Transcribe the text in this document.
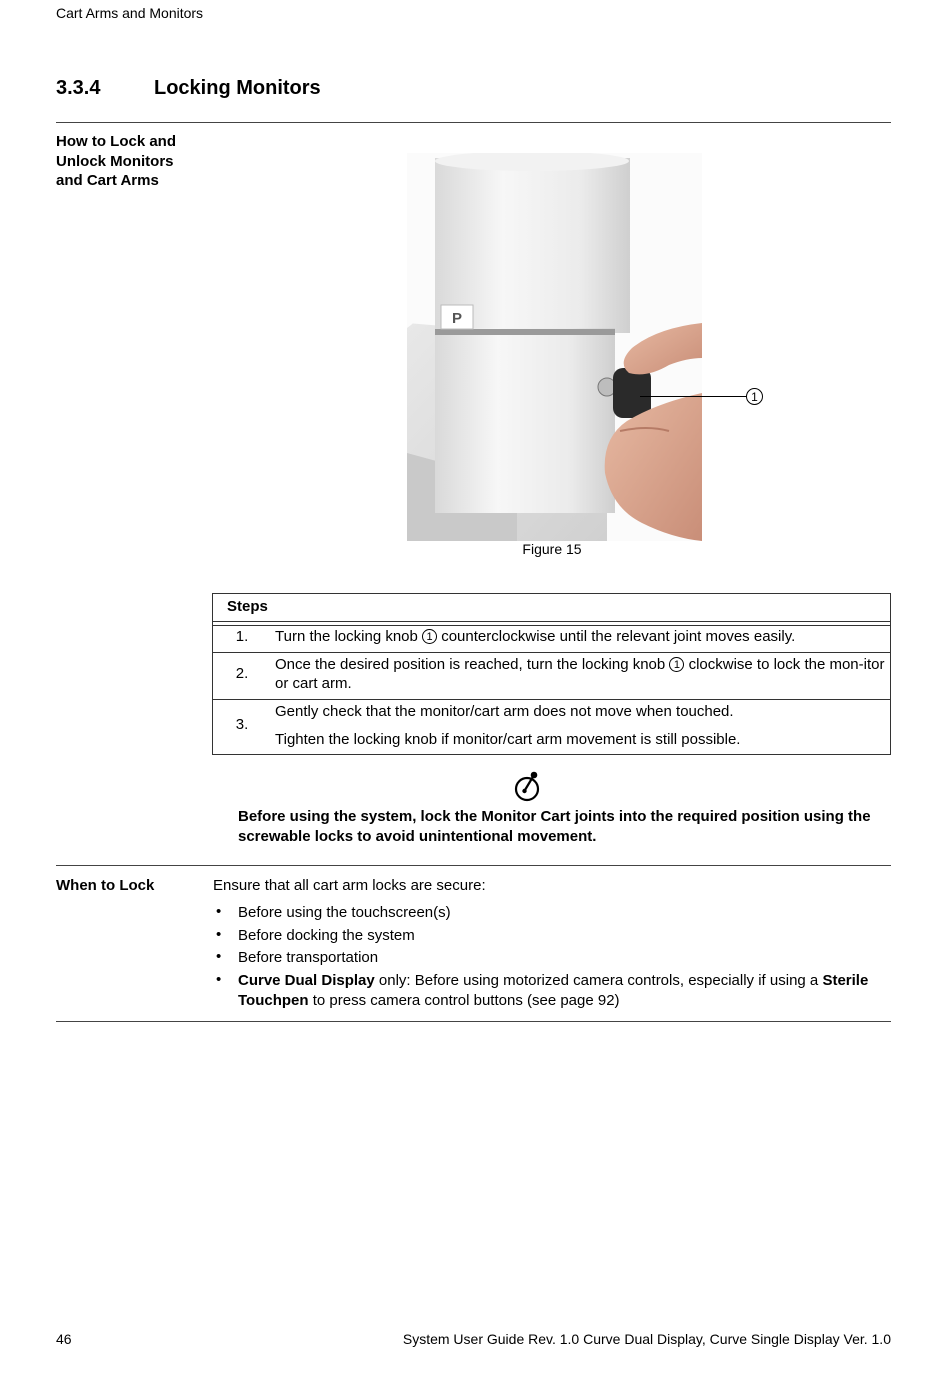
Cart Arms and Monitors
3.3.4	Locking Monitors
How to Lock and
Unlock Monitors
and Cart Arms
P
1
Figure 15
Steps
1.	Turn the locking knob 1 counterclockwise until the relevant joint moves easily.
2.
Once the desired position is reached, turn the locking knob 1 clockwise to lock the mon-itor or cart arm.
3.
Gently check that the monitor/cart arm does not move when touched.
Tighten the locking knob if monitor/cart arm movement is still possible.
Before using the system, lock the Monitor Cart joints into the required position using the screwable locks to avoid unintentional movement.
When to Lock	Ensure that all cart arm locks are secure:
• Before using the touchscreen(s)
• Before docking the system
• Before transportation
• Curve Dual Display only: Before using motorized camera controls, especially if using a Sterile Touchpen to press camera control buttons (see page 92)
46	System User Guide Rev. 1.0 Curve Dual Display, Curve Single Display Ver. 1.0
